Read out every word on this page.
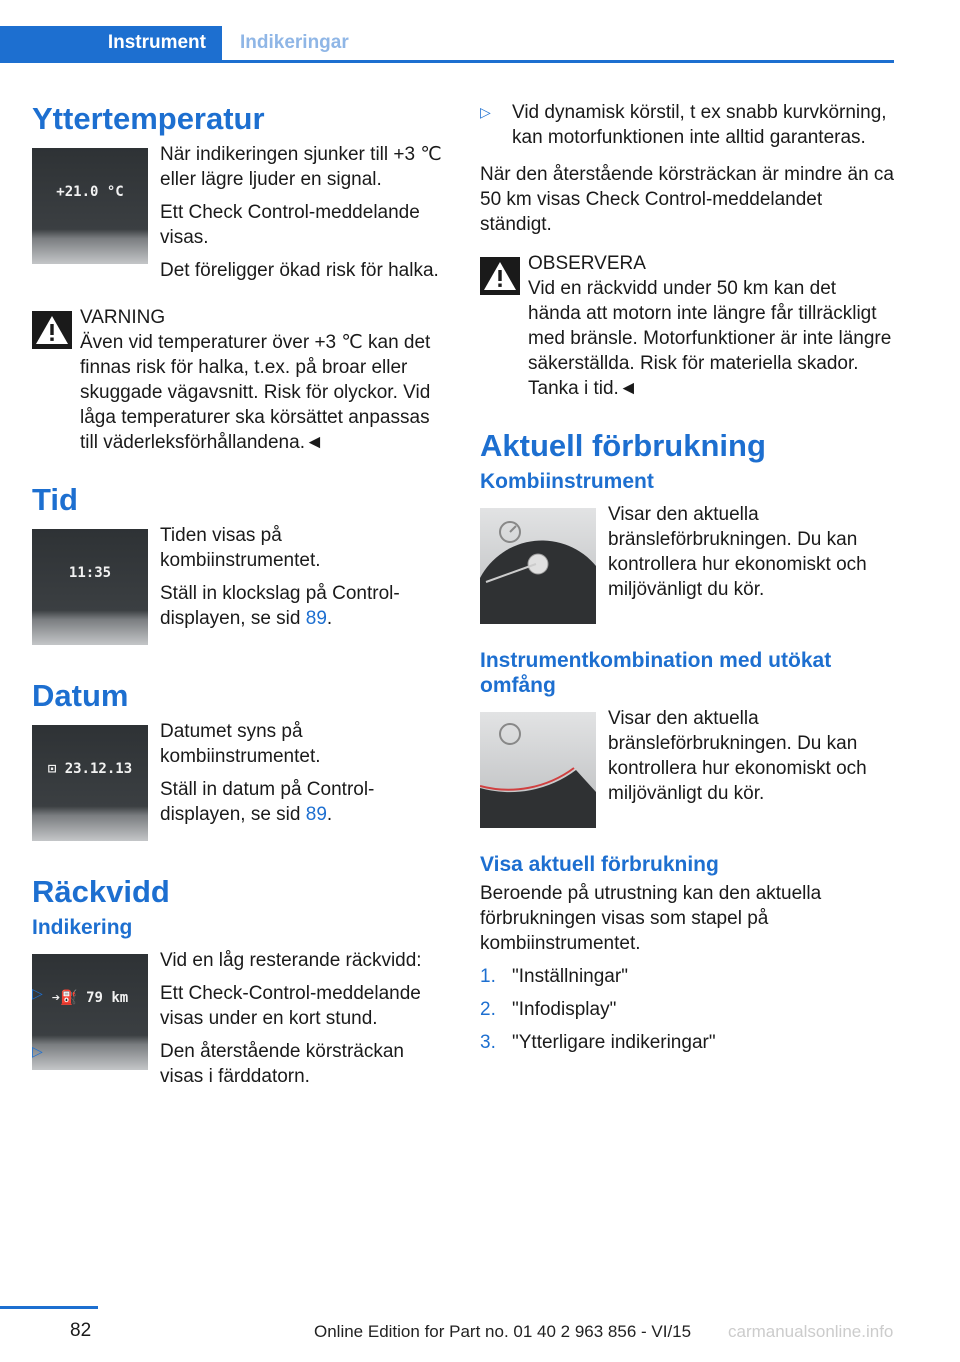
Instrument	Indikeringar
Yttertemperatur
+21.0 °C

När indikeringen sjunker till +3 ℃ eller lägre ljuder en signal.

Ett Check Control-meddelande visas.

Det föreligger ökad risk för halka.

VARNING
Även vid temperaturer över +3 ℃ kan det finnas risk för halka, t.ex. på broar eller skuggade vägavsnitt. Risk för olyckor. Vid låga temperaturer ska körsättet anpassas till väderleksförhållandena.◄
Tid
11:35

Tiden visas på kombiinstrumentet.

Ställ in klockslag på Control-displayen, se sid 89.

Datum
⊡ 23.12.13

Datumet syns på kombiinstrumentet.

Ställ in datum på Control-displayen, se sid 89.

Räckvidd
Indikering
➔⛽ 79 km

Vid en låg resterande räckvidd:

▷	Ett Check-Control-meddelande visas under en kort stund.
▷	Den återstående körsträckan visas i färddatorn.
▷ Vid dynamisk körstil, t ex snabb kurvkörning, kan motorfunktionen inte alltid garanteras.

När den återstående körsträckan är mindre än ca 50 km visas Check Control-meddelandet ständigt.

OBSERVERA
Vid en räckvidd under 50 km kan det hända att motorn inte längre får tillräckligt med bränsle. Motorfunktioner är inte längre säkerställda. Risk för materiella skador. Tanka i tid.◄
Aktuell förbrukning
Kombiinstrument

Visar den aktuella bränsleförbrukningen. Du kan kontrollera hur ekonomiskt och miljövänligt du kör.

Instrumentkombination med utökat omfång

Visar den aktuella bränsleförbrukningen. Du kan kontrollera hur ekonomiskt och miljövänligt du kör.

Visa aktuell förbrukning

Beroende på utrustning kan den aktuella förbrukningen visas som stapel på kombiinstrumentet.

1. "Inställningar"
2. "Infodisplay"
3. "Ytterligare indikeringar"
82	Online Edition for Part no. 01 40 2 963 856 - VI/15 carmanualsonline.info
